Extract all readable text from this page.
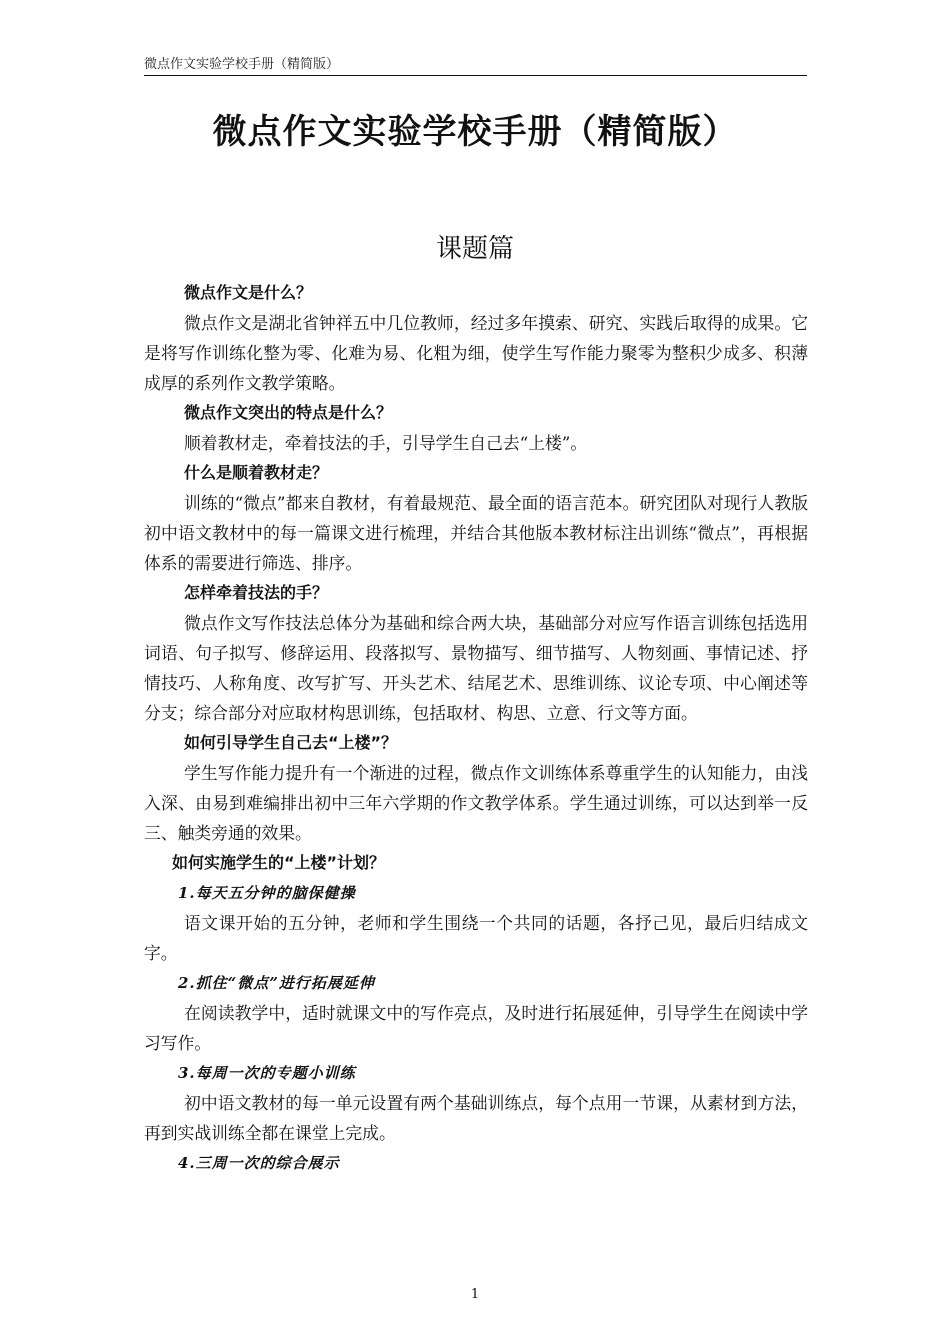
微点作文实验学校手册（精简版）
微点作文实验学校手册（精简版）
课题篇
微点作文是什么？
微点作文是湖北省钟祥五中几位教师，经过多年摸索、研究、实践后取得的成果。它是将写作训练化整为零、化难为易、化粗为细，使学生写作能力聚零为整积少成多、积薄成厚的系列作文教学策略。
微点作文突出的特点是什么？
顺着教材走，牵着技法的手，引导学生自己去“上楼”。
什么是顺着教材走？
训练的“微点”都来自教材，有着最规范、最全面的语言范本。研究团队对现行人教版初中语文教材中的每一篇课文进行梳理，并结合其他版本教材标注出训练“微点”，再根据体系的需要进行筛选、排序。
怎样牵着技法的手？
微点作文写作技法总体分为基础和综合两大块，基础部分对应写作语言训练包括选用词语、句子拟写、修辞运用、段落拟写、景物描写、细节描写、人物刻画、事情记述、抒情技巧、人称角度、改写扩写、开头艺术、结尾艺术、思维训练、议论专项、中心阐述等分支；综合部分对应取材构思训练，包括取材、构思、立意、行文等方面。
如何引导学生自己去“上楼”？
学生写作能力提升有一个渐进的过程，微点作文训练体系尊重学生的认知能力，由浅入深、由易到难编排出初中三年六学期的作文教学体系。学生通过训练，可以达到举一反三、触类旁通的效果。
如何实施学生的“上楼”计划？
1.每天五分钟的脑保健操
语文课开始的五分钟，老师和学生围绕一个共同的话题，各抒己见，最后归结成文字。
2.抓住“微点”进行拓展延伸
在阅读教学中，适时就课文中的写作亮点，及时进行拓展延伸，引导学生在阅读中学习写作。
3.每周一次的专题小训练
初中语文教材的每一单元设置有两个基础训练点，每个点用一节课，从素材到方法，再到实战训练全都在课堂上完成。
4.三周一次的综合展示
1
